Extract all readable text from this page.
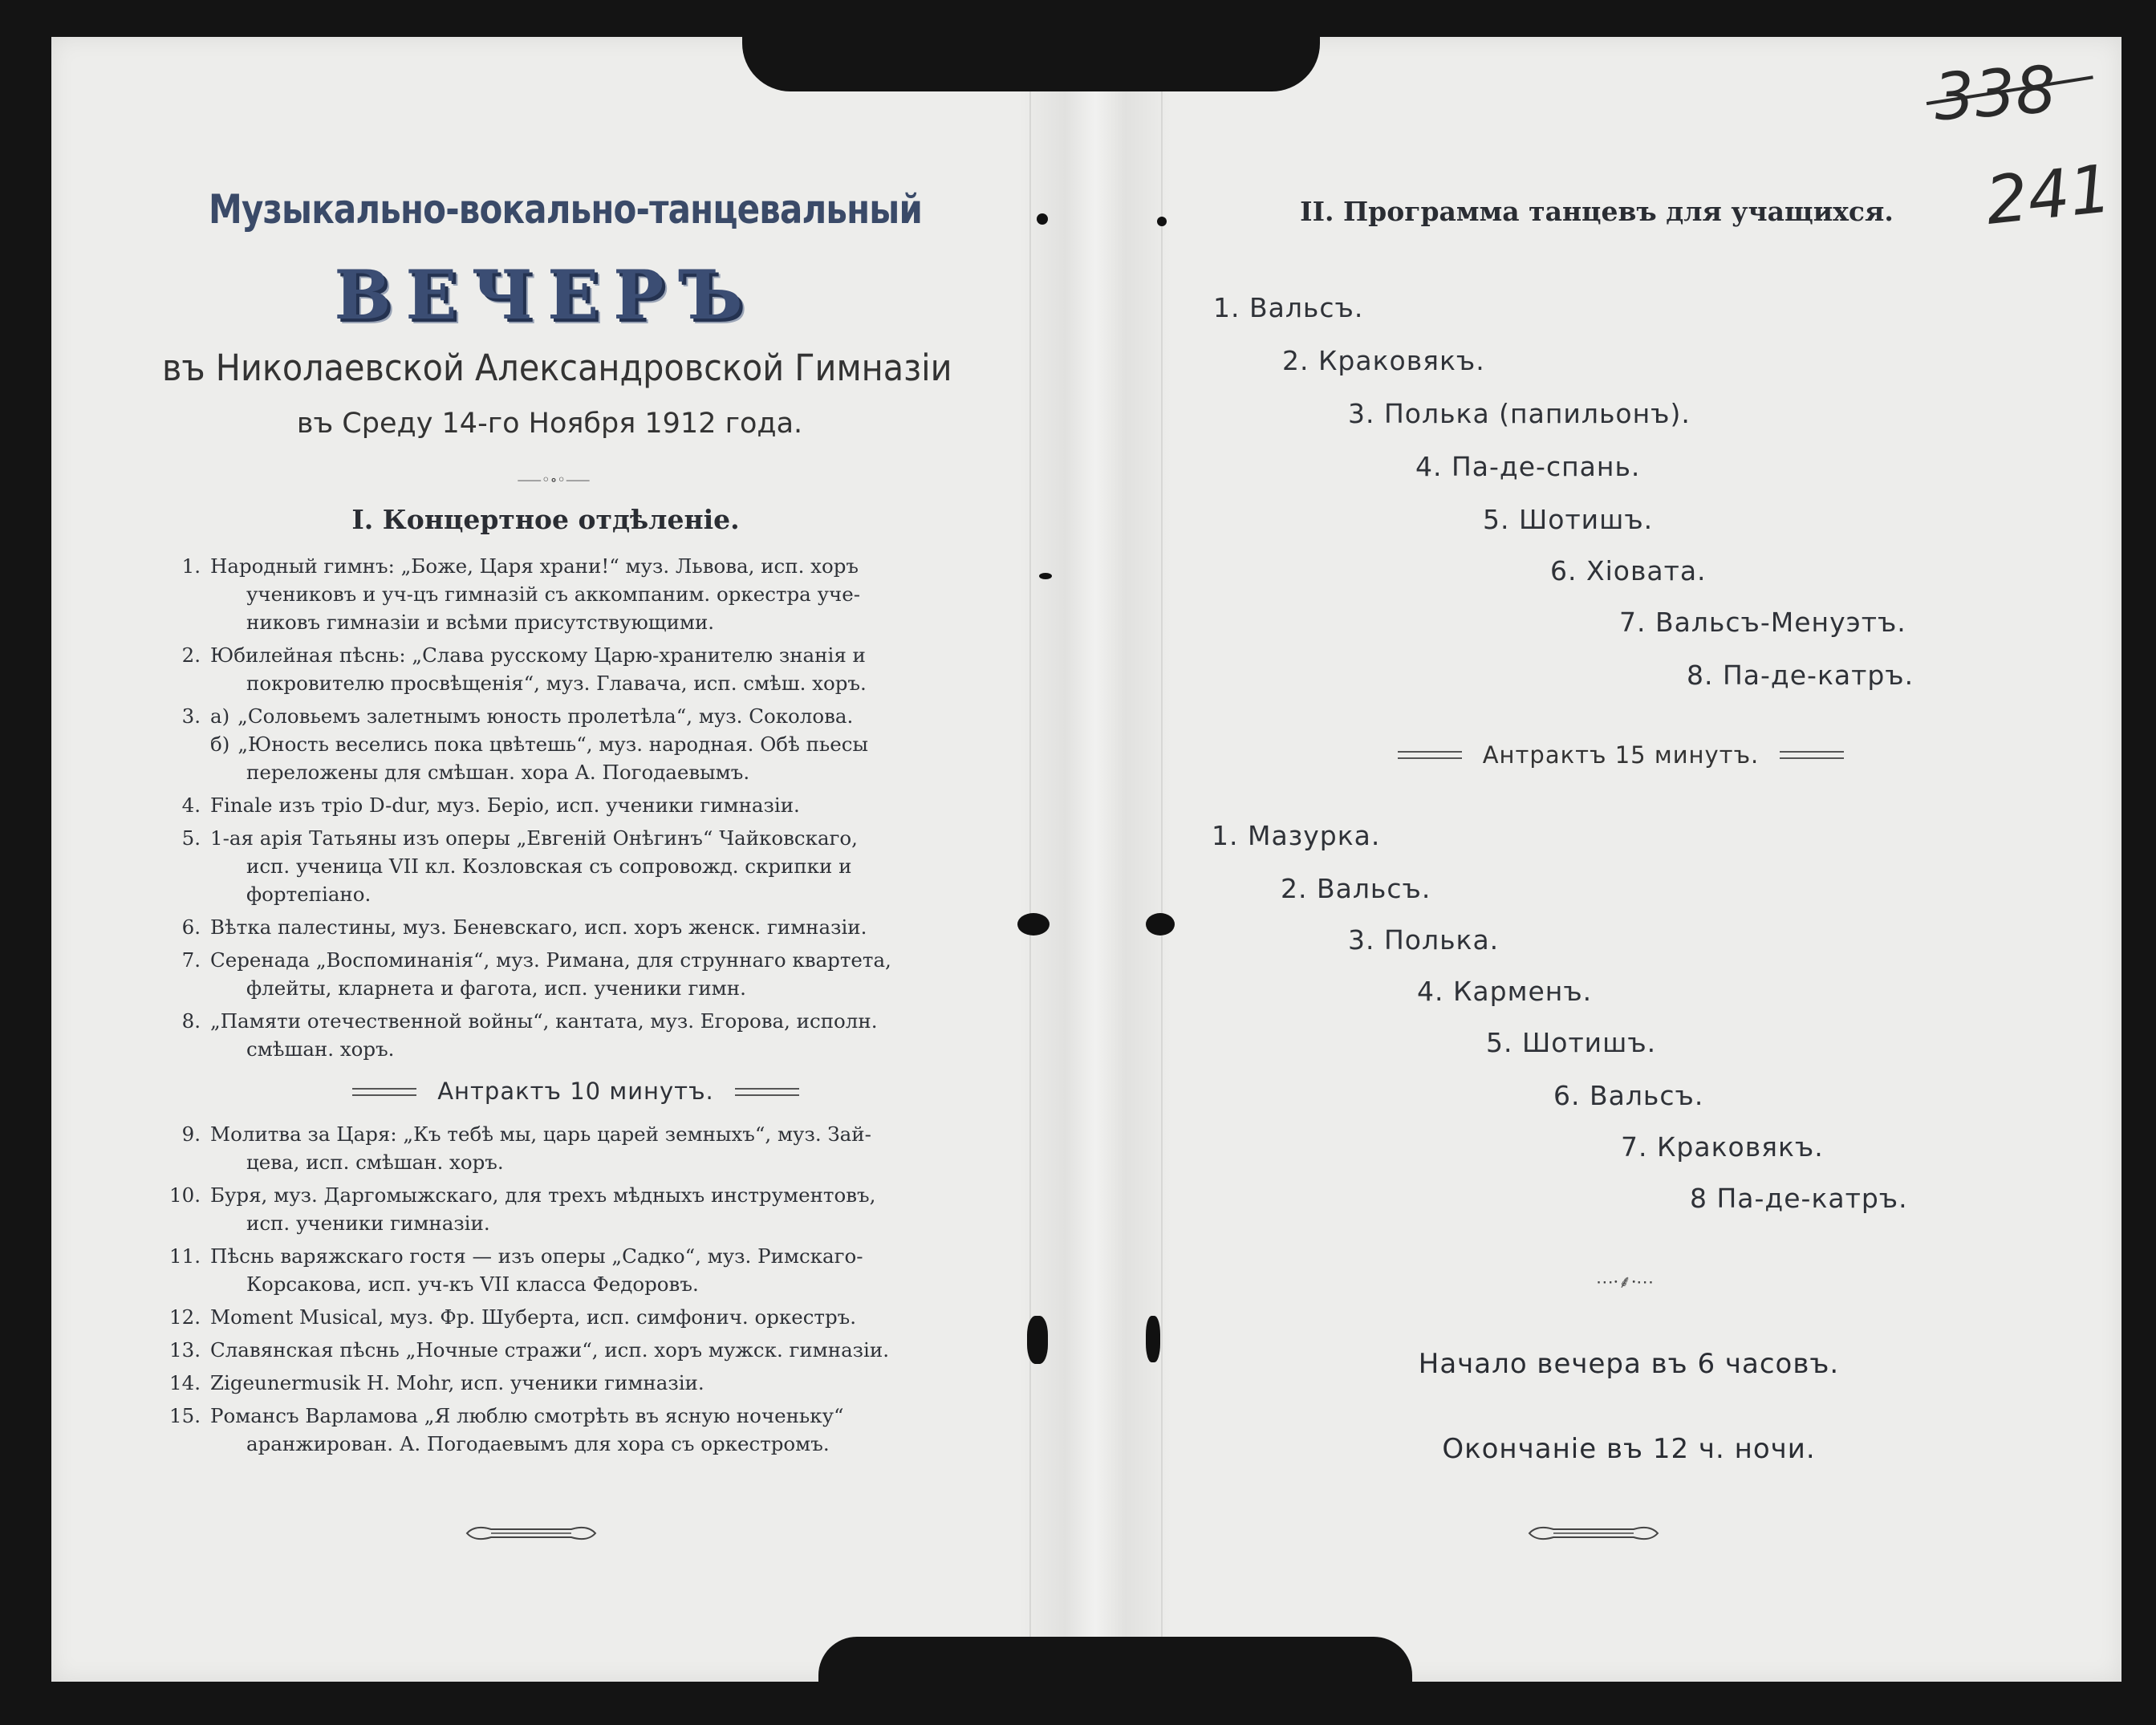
Музыкально-вокально-танцевальный
ВЕЧЕРЪ
въ Николаевской Александровской Гимназіи
въ Среду 14-го Ноября 1912 года.
⸺◦∘◦⸺
I. Концертное отдѣленіе.
1. Народный гимнъ: „Боже, Царя храни!“ муз. Львова, исп. хоръ
учениковъ и уч-цъ гимназій съ аккомпаним. оркестра уче-
никовъ гимназіи и всѣми присутствующими.
2. Юбилейная пѣснь: „Слава русскому Царю-хранителю знанія и
покровителю просвѣщенія“, муз. Главача, исп. смѣш. хоръ.
3. а) „Соловьемъ залетнымъ юность пролетѣла“, муз. Соколова.
б) „Юность веселись пока цвѣтешь“, муз. народная. Обѣ пьесы
переложены для смѣшан. хора А. Погодаевымъ.
4. Finale изъ тріо D-dur, муз. Беріо, исп. ученики гимназіи.
5. 1-ая арія Татьяны изъ оперы „Евгеній Онѣгинъ“ Чайковскаго,
исп. ученица VII кл. Козловская съ сопровожд. скрипки и
фортепіано.
6. Вѣтка палестины, муз. Беневскаго, исп. хоръ женск. гимназіи.
7. Серенада „Воспоминанія“, муз. Римана, для струннаго квартета,
флейты, кларнета и фагота, исп. ученики гимн.
8. „Памяти отечественной войны“, кантата, муз. Егорова, исполн.
смѣшан. хоръ.
Антрактъ 10 минутъ.
9. Молитва за Царя: „Къ тебѣ мы, царь царей земныхъ“, муз. Зай-
цева, исп. смѣшан. хоръ.
10. Буря, муз. Даргомыжскаго, для трехъ мѣдныхъ инструментовъ,
исп. ученики гимназіи.
11. Пѣснь варяжскаго гостя — изъ оперы „Садко“, муз. Римскаго-
Корсакова, исп. уч-къ VII класса Федоровъ.
12. Moment Musical, муз. Фр. Шуберта, исп. симфонич. оркестръ.
13. Славянская пѣснь „Ночные стражи“, исп. хоръ мужск. гимназіи.
14. Zigeunermusik H. Mohr, исп. ученики гимназіи.
15. Романсъ Варламова „Я люблю смотрѣть въ ясную ноченьку“
аранжирован. А. Погодаевымъ для хора съ оркестромъ.
II. Программа танцевъ для учащихся.
1. Вальсъ.
2. Краковякъ.
3. Полька (папильонъ).
4. Па-де-спань.
5. Шотишъ.
6. Хіовата.
7. Вальсъ-Менуэтъ.
8. Па-де-катръ.
Антрактъ 15 минутъ.
1. Мазурка.
2. Вальсъ.
3. Полька.
4. Карменъ.
5. Шотишъ.
6. Вальсъ.
7. Краковякъ.
8 Па-де-катръ.
⋯⸱⸙⸱⋯
Начало вечера въ 6 часовъ.
Окончаніе въ 12 ч. ночи.
241
